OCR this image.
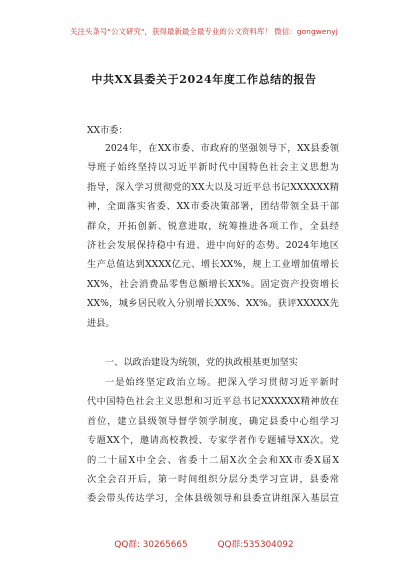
关注头条号"公文研究"，获得最新最全最专业的公文资料库！ 微信：gongwenyj
中共XX县委关于2024年度工作总结的报告
XX市委：
2024年，在XX市委、市政府的坚强领导下，XX县委领
导班子始终坚持以习近平新时代中国特色社会主义思想为
指导，深入学习贯彻党的XX大以及习近平总书记XXXXXX精
神，全面落实省委、XX市委决策部署，团结带领全县干部
群众，开拓创新、锐意进取，统筹推进各项工作，全县经
济社会发展保持稳中有进、进中向好的态势。2024年地区
生产总值达到XXXX亿元、增长XX%，规上工业增加值增长
XX%，社会消费品零售总额增长XX%。固定资产投资增长
XX%，城乡居民收入分别增长XX%、XX%。获评XXXXX先
进县。
一、以政治建设为统领，党的执政根基更加坚实
一是始终坚定政治立场。把深入学习贯彻习近平新时
代中国特色社会主义思想和习近平总书记XXXXXX精神放在
首位，建立县级领导督学领学制度，确定县委中心组学习
专题XX个，邀请高校教授、专家学者作专题辅导XX次。党
的二十届X中全会、省委十二届X次全会和XX市委X届X
次全会召开后，第一时间组织分层分类学习宣讲，县委常
委会带头传达学习，全体县级领导和县委宣讲组深入基层宣
QQ群: 30265665	QQ群:535304092
